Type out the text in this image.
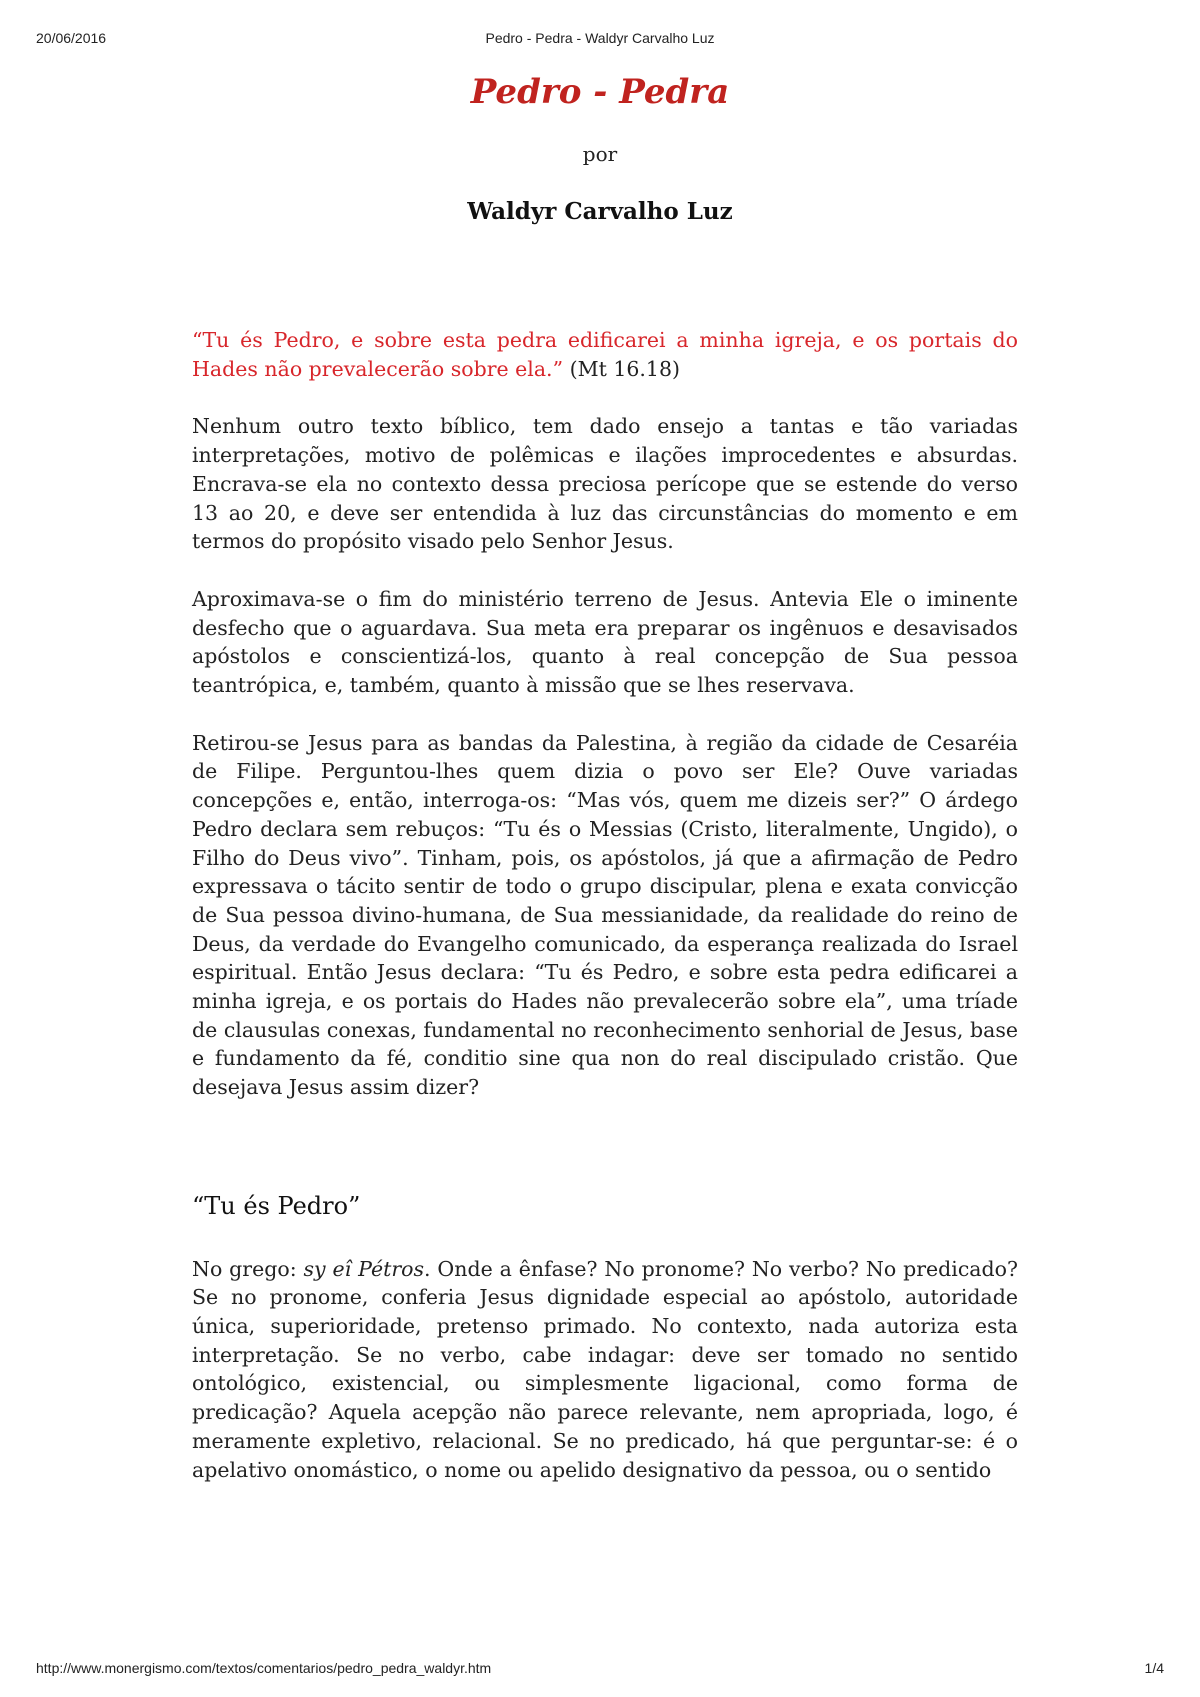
20/06/2016	Pedro - Pedra - Waldyr Carvalho Luz
Pedro - Pedra
por
Waldyr Carvalho Luz

“Tu és Pedro, e sobre esta pedra edificarei a minha igreja, e os portais do Hades não prevalecerão sobre ela.” (Mt 16.18)

Nenhum outro texto bíblico, tem dado ensejo a tantas e tão variadas interpretações, motivo de polêmicas e ilações improcedentes e absurdas. Encrava-se ela no contexto dessa preciosa perícope que se estende do verso 13 ao 20, e deve ser entendida à luz das circunstâncias do momento e em termos do propósito visado pelo Senhor Jesus.

Aproximava-se o fim do ministério terreno de Jesus. Antevia Ele o iminente desfecho que o aguardava. Sua meta era preparar os ingênuos e desavisados apóstolos e conscientizá-los, quanto à real concepção de Sua pessoa teantrópica, e, também, quanto à missão que se lhes reservava.

Retirou-se Jesus para as bandas da Palestina, à região da cidade de Cesaréia de Filipe. Perguntou-lhes quem dizia o povo ser Ele? Ouve variadas concepções e, então, interroga-os: “Mas vós, quem me dizeis ser?” O árdego Pedro declara sem rebuços: “Tu és o Messias (Cristo, literalmente, Ungido), o Filho do Deus vivo”. Tinham, pois, os apóstolos, já que a afirmação de Pedro expressava o tácito sentir de todo o grupo discipular, plena e exata convicção de Sua pessoa divino-humana, de Sua messianidade, da realidade do reino de Deus, da verdade do Evangelho comunicado, da esperança realizada do Israel espiritual. Então Jesus declara: “Tu és Pedro, e sobre esta pedra edificarei a minha igreja, e os portais do Hades não prevalecerão sobre ela”, uma tríade de clausulas conexas, fundamental no reconhecimento senhorial de Jesus, base e fundamento da fé, conditio sine qua non do real discipulado cristão. Que desejava Jesus assim dizer?

“Tu és Pedro”

No grego: sy eî Pétros. Onde a ênfase? No pronome? No verbo? No predicado? Se no pronome, conferia Jesus dignidade especial ao apóstolo, autoridade única, superioridade, pretenso primado. No contexto, nada autoriza esta interpretação. Se no verbo, cabe indagar: deve ser tomado no sentido ontológico, existencial, ou simplesmente ligacional, como forma de predicação? Aquela acepção não parece relevante, nem apropriada, logo, é meramente expletivo, relacional. Se no predicado, há que perguntar-se: é o apelativo onomástico, o nome ou apelido designativo da pessoa, ou o sentido

http://www.monergismo.com/textos/comentarios/pedro_pedra_waldyr.htm	1/4
